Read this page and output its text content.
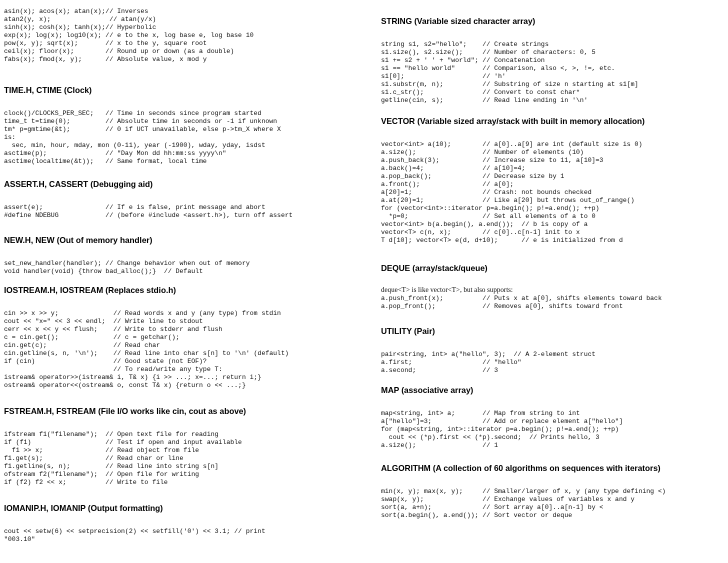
asin(x); acos(x); atan(x);// Inverses
atan2(y, x);               // atan(y/x)
sinh(x); cosh(x); tanh(x);// Hyperbolic
exp(x); log(x); log10(x); // e to the x, log base e, log base 10
pow(x, y); sqrt(x);       // x to the y, square root
ceil(x); floor(x);        // Round up or down (as a double)
fabs(x); fmod(x, y);      // Absolute value, x mod y
TIME.H, CTIME (Clock)
clock()/CLOCKS_PER_SEC;   // Time in seconds since program started
time_t t=time(0);         // Absolute time in seconds or -1 if unknown
tm* p=gmtime(&t);         // 0 if UCT unavailable, else p->tm_X where X
is:
sec, min, hour, mday, mon (0-11), year (-1900), wday, yday, isdst
asctime(p);               // "Day Mon dd hh:mm:ss yyyy\n"
asctime(localtime(&t));   // Same format, local time
ASSERT.H, CASSERT (Debugging aid)
assert(e);                // If e is false, print message and abort
#define NDEBUG            // (before #include <assert.h>), turn off assert
NEW.H, NEW (Out of memory handler)
set_new_handler(handler); // Change behavior when out of memory
void handler(void) {throw bad_alloc();}  // Default
IOSTREAM.H, IOSTREAM (Replaces stdio.h)
cin >> x >> y;              // Read words x and y (any type) from stdin
cout << "x=" << 3 << endl;  // Write line to stdout
cerr << x << y << flush;    // Write to stderr and flush
c = cin.get();              // c = getchar();
cin.get(c);                 // Read char
cin.getline(s, n, '\n');    // Read line into char s[n] to '\n' (default)
if (cin)                    // Good state (not EOF)?
// To read/write any type T:
istream& operator>>(istream& i, T& x) {i >> ...; x=...; return i;}
ostream& operator<<(ostream& o, const T& x) {return o << ...;}
FSTREAM.H, FSTREAM (File I/O works like cin, cout as above)
ifstream f1("filename");  // Open text file for reading
if (f1)                   // Test if open and input available
f1 >> x;                // Read object from file
f1.get(s);                // Read char or line
f1.getline(s, n);         // Read line into string s[n]
ofstream f2("filename");  // Open file for writing
if (f2) f2 << x;          // Write to file
IOMANIP.H, IOMANIP (Output formatting)
cout << setw(6) << setprecision(2) << setfill('0') << 3.1; // print
"003.10"
STRING (Variable sized character array)
string s1, s2="hello";    // Create strings
s1.size(), s2.size();     // Number of characters: 0, 5
s1 += s2 + ' ' + "world"; // Concatenation
s1 == "hello world"       // Comparison, also <, >, !=, etc.
s1[0];                    // 'h'
s1.substr(m, n);          // Substring of size n starting at s1[m]
s1.c_str();               // Convert to const char*
getline(cin, s);          // Read line ending in '\n'
VECTOR (Variable sized array/stack with built in memory allocation)
vector<int> a(10);        // a[0]..a[9] are int (default size is 0)
a.size();                 // Number of elements (10)
a.push_back(3);           // Increase size to 11, a[10]=3
a.back()=4;               // a[10]=4;
a.pop_back();             // Decrease size by 1
a.front();                // a[0];
a[20]=1;                  // Crash: not bounds checked
a.at(20)=1;               // Like a[20] but throws out_of_range()
for (vector<int>::iterator p=a.begin(); p!=a.end(); ++p)
*p=0;                   // Set all elements of a to 0
vector<int> b(a.begin(), a.end());  // b is copy of a
vector<T> c(n, x);        // c[0]..c[n-1] init to x
T d[10]; vector<T> e(d, d+10);      // e is initialized from d
DEQUE (array/stack/queue)
deque<T> is like vector<T>, but also supports:
a.push_front(x);          // Puts x at a[0], shifts elements toward back
a.pop_front();            // Removes a[0], shifts toward front
UTILITY (Pair)
pair<string, int> a("hello", 3);  // A 2-element struct
a.first;                  // "hello"
a.second;                 // 3
MAP (associative array)
map<string, int> a;       // Map from string to int
a["hello"]=3;             // Add or replace element a["hello"]
for (map<string, int>::iterator p=a.begin(); p!=a.end(); ++p)
cout << (*p).first << (*p).second;  // Prints hello, 3
a.size();                 // 1
ALGORITHM (A collection of 60 algorithms on sequences with iterators)
min(x, y); max(x, y);     // Smaller/larger of x, y (any type defining <)
swap(x, y);               // Exchange values of variables x and y
sort(a, a+n);             // Sort array a[0]..a[n-1] by <
sort(a.begin(), a.end()); // Sort vector or deque
